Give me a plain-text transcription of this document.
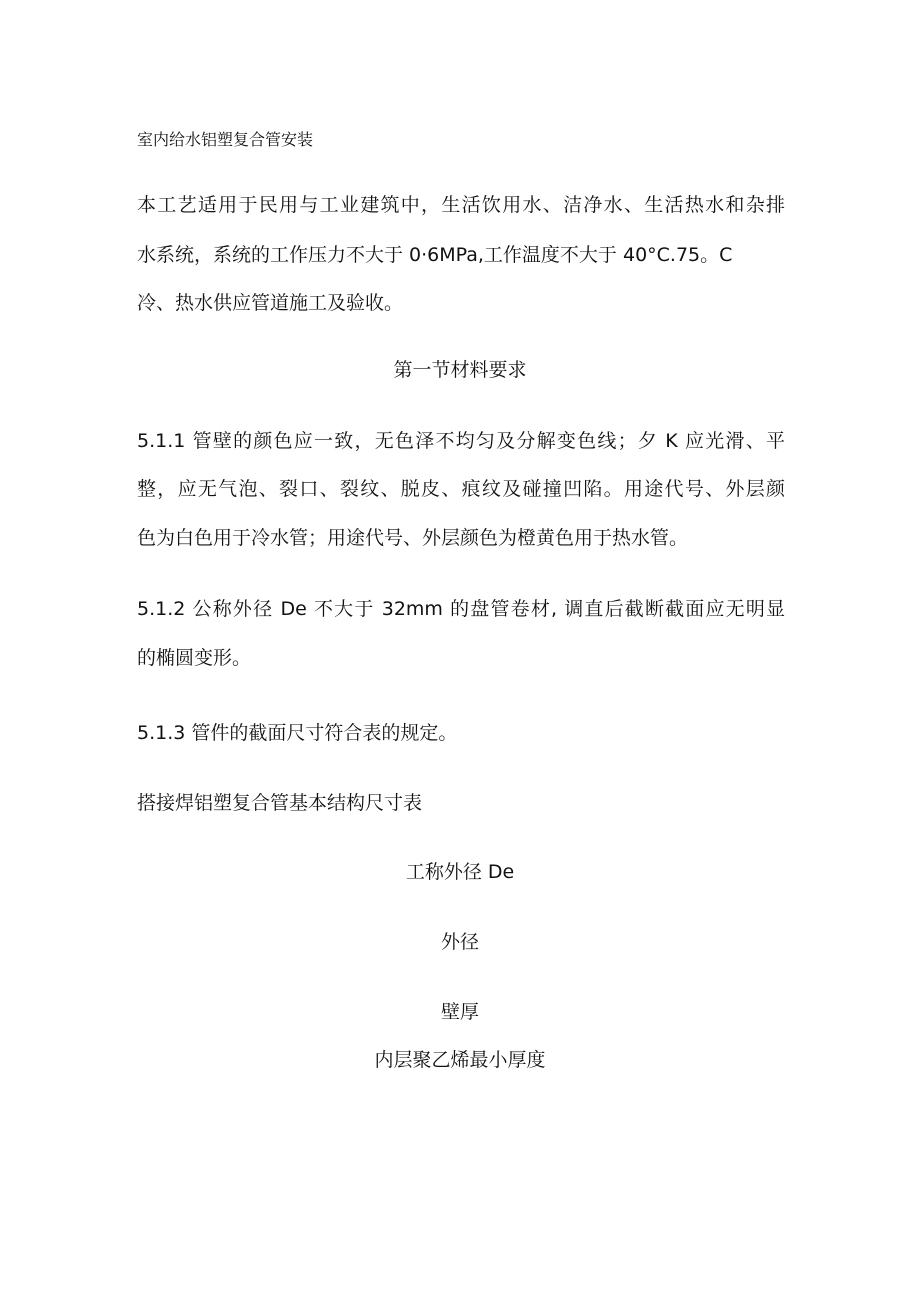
室内给水铝塑复合管安装
本工艺适用于民用与工业建筑中，生活饮用水、洁净水、生活热水和杂排
水系统，系统的工作压力不大于 0·6MPa,工作温度不大于 40°C.75。C
冷、热水供应管道施工及验收。
第一节材料要求
5.1.1 管壁的颜色应一致，无色泽不均匀及分解变色线；夕 K 应光滑、平
整，应无气泡、裂口、裂纹、脱皮、痕纹及碰撞凹陷。用途代号、外层颜
色为白色用于冷水管；用途代号、外层颜色为橙黄色用于热水管。
5.1.2 公称外径 De 不大于 32mm 的盘管卷材, 调直后截断截面应无明显
的椭圆变形。
5.1.3 管件的截面尺寸符合表的规定。
搭接焊铝塑复合管基本结构尺寸表
工称外径 De
外径
壁厚
内层聚乙烯最小厚度
